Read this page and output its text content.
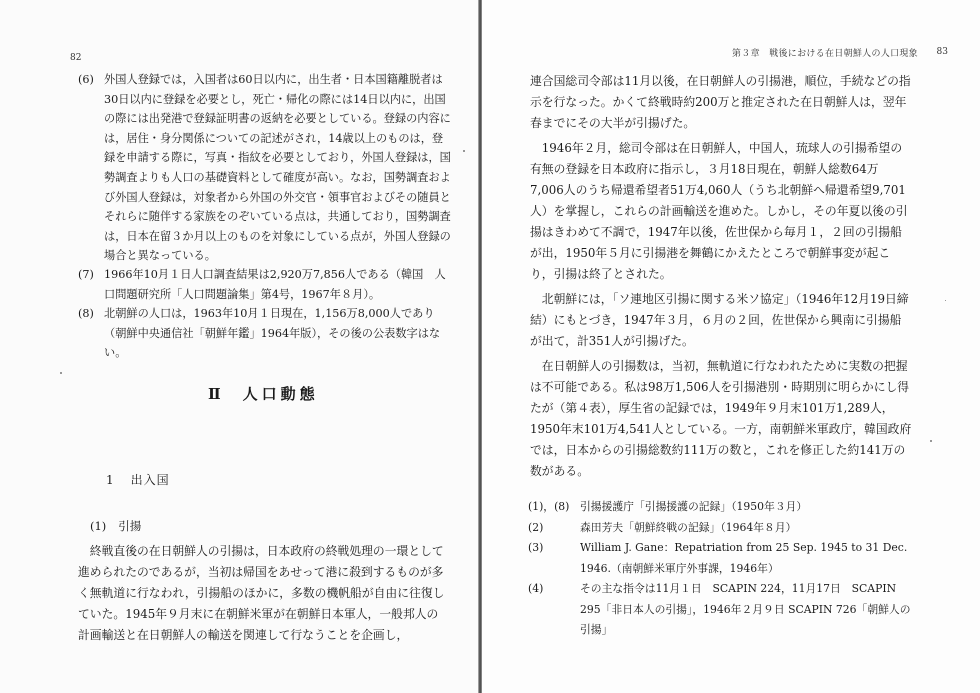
82
(6) 外国人登録では，入国者は60日以内に，出生者・日本国籍離脱者は30日以内に登録を必要とし，死亡・帰化の際には14日以内に，出国の際には出発港で登録証明書の返納を必要としている。登録の内容には，居住・身分関係についての記述がされ，14歳以上のものは，登録を申請する際に，写真・指紋を必要としており，外国人登録は，国勢調査よりも人口の基礎資料として確度が高い。なお，国勢調査および外国人登録は，対象者から外国の外交官・領事官およびその随員とそれらに随伴する家族をのぞいている点は，共通しており，国勢調査は，日本在留３か月以上のものを対象にしている点が，外国人登録の場合と異なっている。
(7) 1966年10月１日人口調査結果は2,920万7,856人である（韓国　人口問題研究所「人口問題論集」第4号，1967年８月）。
(8) 北朝鮮の人口は，1963年10月１日現在，1,156万8,000人であり（朝鮮中央通信社「朝鮮年鑑」1964年版），その後の公表数字はない。
Ⅱ 人口動態
1 出入国
(1) 引揚

終戦直後の在日朝鮮人の引揚は，日本政府の終戦処理の一環として進められたのであるが，当初は帰国をあせって港に殺到するものが多く無軌道に行なわれ，引揚船のほかに，多数の機帆船が自由に往復していた。1945年９月末に在朝鮮米軍が在朝鮮日本軍人，一般邦人の計画輸送と在日朝鮮人の輸送を関連して行なうことを企画し，

第３章　戦後における在日朝鮮人の人口現象 83

連合国総司令部は11月以後，在日朝鮮人の引揚港，順位，手続などの指示を行なった。かくて終戦時約200万と推定された在日朝鮮人は，翌年春までにその大半が引揚げた。

1946年２月，総司令部は在日朝鮮人，中国人，琉球人の引揚希望の有無の登録を日本政府に指示し，３月18日現在，朝鮮人総数64万7,006人のうち帰還希望者51万4,060人（うち北朝鮮へ帰還希望9,701人）を掌握し，これらの計画輸送を進めた。しかし，その年夏以後の引揚はきわめて不調で，1947年以後，佐世保から毎月１，２回の引揚船が出，1950年５月に引揚港を舞鶴にかえたところで朝鮮事変が起こり，引揚は終了とされた。

北朝鮮には，「ソ連地区引揚に関する米ソ協定」（1946年12月19日締結）にもとづき，1947年３月，６月の２回，佐世保から興南に引揚船が出て，計351人が引揚げた。

在日朝鮮人の引揚数は，当初，無軌道に行なわれたために実数の把握は不可能である。私は98万1,506人を引揚港別・時期別に明らかにし得たが（第４表），厚生省の記録では，1949年９月末101万1,289人，1950年末101万4,541人としている。一方，南朝鮮米軍政庁，韓国政府では，日本からの引揚総数約111万の数と，これを修正した約141万の数がある。

(1)，(8) 引揚援護庁「引揚援護の記録」（1950年３月）
(2)	森田芳夫「朝鮮終戦の記録」（1964年８月）
(3)	William J. Gane：Repatriation from 25 Sep. 1945 to 31 Dec. 1946.（南朝鮮米軍庁外事課，1946年）
(4)	その主な指令は11月１日　SCAPIN 224，11月17日　SCAPIN 295「非日本人の引揚」，1946年２月９日 SCAPIN 726「朝鮮人の引揚」
